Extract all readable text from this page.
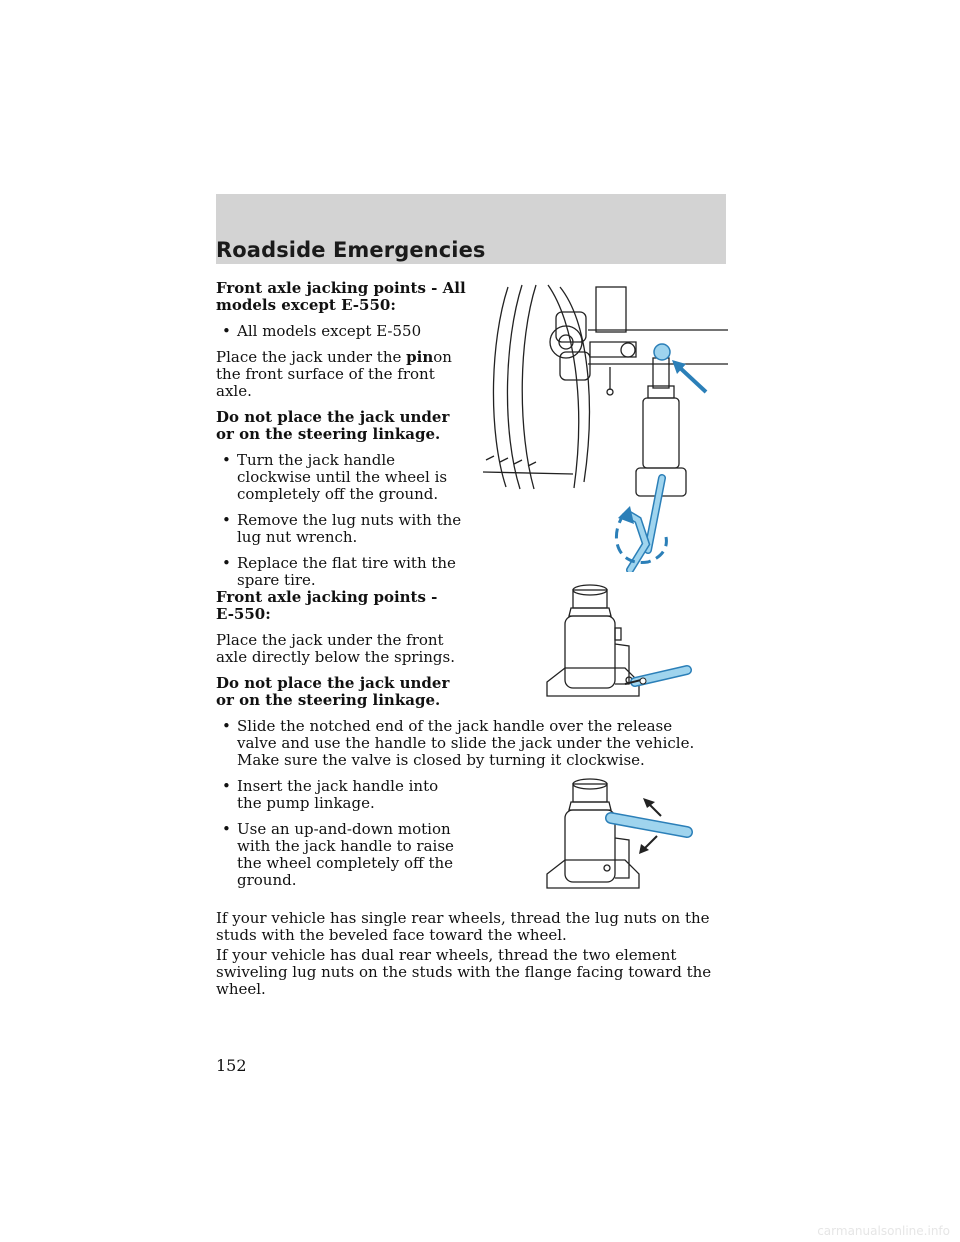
Roadside Emergencies

Front axle jacking points - All models except E-550:

• All models except E-550

Place the jack under the pinon the front surface of the front axle.

Do not place the jack under or on the steering linkage.

• Turn the jack handle clockwise until the wheel is completely off the ground.

• Remove the lug nuts with the lug nut wrench.

• Replace the flat tire with the spare tire.

Front axle jacking points - E-550:

Place the jack under the front axle directly below the springs.

Do not place the jack under or on the steering linkage.

• Slide the notched end of the jack handle over the release valve and use the handle to slide the jack under the vehicle. Make sure the valve is closed by turning it clockwise.

• Insert the jack handle into the pump linkage.

• Use an up-and-down motion with the jack handle to raise the wheel completely off the ground.

If your vehicle has single rear wheels, thread the lug nuts on the studs with the beveled face toward the wheel.

If your vehicle has dual rear wheels, thread the two element swiveling lug nuts on the studs with the flange facing toward the wheel.

152
carmanualsonline.info
